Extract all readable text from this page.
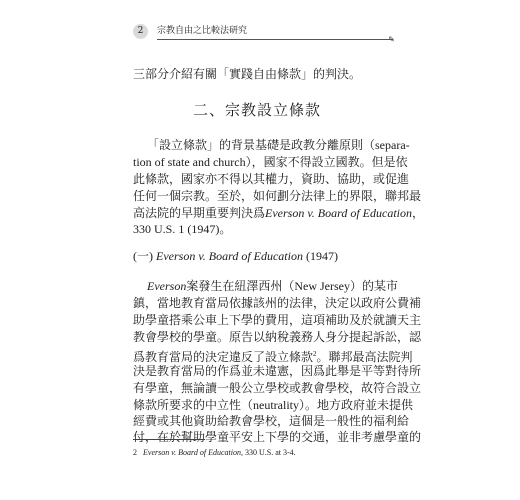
2	宗教自由之比較法研究
✎
三部分介紹有關「實踐自由條款」的判決。
二、宗教設立條款
「設立條款」的背景基礎是政教分離原則（separa-
tion of state and church），國家不得設立國教。但是依
此條款，國家亦不得以其權力，資助、協助，或促進
任何一個宗教。至於，如何劃分法律上的界限，聯邦最
高法院的早期重要判決爲Everson v. Board of Education，
330 U.S. 1 (1947)。
(一) Everson v. Board of Education (1947)
Everson案發生在紐澤西州（New Jersey）的某市
鎮，當地教育當局依據該州的法律，決定以政府公費補
助學童搭乘公車上下學的費用，這項補助及於就讀天主
教會學校的學童。原告以納稅義務人身分提起訴訟，認
爲教育當局的決定違反了設立條款$^2$。聯邦最高法院判
決是教育當局的作爲並未違憲，因爲此舉是平等對待所
有學童，無論讀一般公立學校或教會學校，故符合設立
條款所要求的中立性（neutrality）。地方政府並未提供
經費或其他資助給教會學校，這個是一般性的福利給
付，在於幫助學童平安上下學的交通，並非考慮學童的
2 Everson v. Board of Education, 330 U.S. at 3-4.
